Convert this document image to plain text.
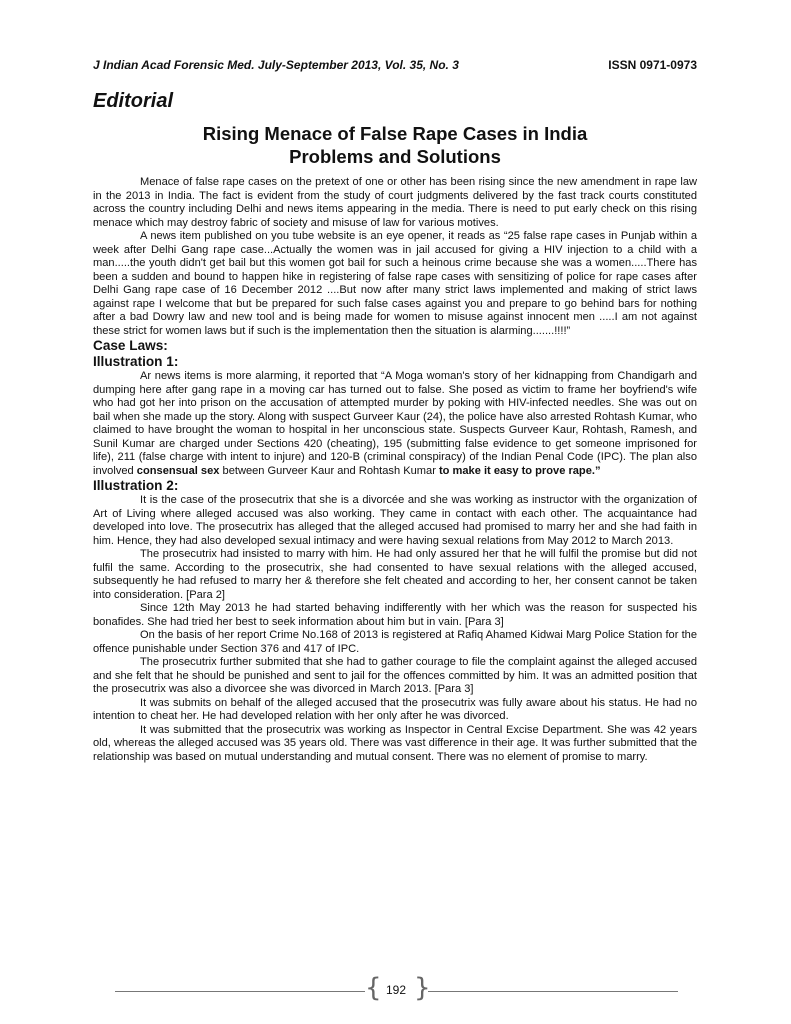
J Indian Acad Forensic Med. July-September 2013, Vol. 35, No. 3	ISSN 0971-0973
Editorial
Rising Menace of False Rape Cases in India
Problems and Solutions

Menace of false rape cases on the pretext of one or other has been rising since the new amendment in rape law in the 2013 in India. The fact is evident from the study of court judgments delivered by the fast track courts constituted across the country including Delhi and news items appearing in the media. There is need to put early check on this rising menace which may destroy fabric of society and misuse of law for various motives.

A news item published on you tube website is an eye opener, it reads as “25 false rape cases in Punjab within a week after Delhi Gang rape case...Actually the women was in jail accused for giving a HIV injection to a child with a man.....the youth didn't get bail but this women got bail for such a heinous crime because she was a women.....There has been a sudden and bound to happen hike in registering of false rape cases with sensitizing of police for rape cases after Delhi Gang rape case of 16 December 2012 ....But now after many strict laws implemented and making of strict laws against rape I welcome that but be prepared for such false cases against you and prepare to go behind bars for nothing after a bad Dowry law and new tool and is being made for women to misuse against innocent men .....I am not against these strict for women laws but if such is the implementation then the situation is alarming.......!!!!”

Case Laws:
Illustration 1:

Ar news items is more alarming, it reported that “A Moga woman's story of her kidnapping from Chandigarh and dumping here after gang rape in a moving car has turned out to false. She posed as victim to frame her boyfriend's wife who had got her into prison on the accusation of attempted murder by poking with HIV-infected needles. She was out on bail when she made up the story. Along with suspect Gurveer Kaur (24), the police have also arrested Rohtash Kumar, who claimed to have brought the woman to hospital in her unconscious state. Suspects Gurveer Kaur, Rohtash, Ramesh, and Sunil Kumar are charged under Sections 420 (cheating), 195 (submitting false evidence to get someone imprisoned for life), 211 (false charge with intent to injure) and 120-B (criminal conspiracy) of the Indian Penal Code (IPC). The plan also involved consensual sex between Gurveer Kaur and Rohtash Kumar to make it easy to prove rape.”

Illustration 2:

It is the case of the prosecutrix that she is a divorcée and she was working as instructor with the organization of Art of Living where alleged accused was also working. They came in contact with each other. The acquaintance had developed into love. The prosecutrix has alleged that the alleged accused had promised to marry her and she had faith in him. Hence, they had also developed sexual intimacy and were having sexual relations from May 2012 to March 2013.

The prosecutrix had insisted to marry with him. He had only assured her that he will fulfil the promise but did not fulfil the same. According to the prosecutrix, she had consented to have sexual relations with the alleged accused, subsequently he had refused to marry her & therefore she felt cheated and according to her, her consent cannot be taken into consideration. [Para 2]

Since 12th May 2013 he had started behaving indifferently with her which was the reason for suspected his bonafides. She had tried her best to seek information about him but in vain. [Para 3]

On the basis of her report Crime No.168 of 2013 is registered at Rafiq Ahamed Kidwai Marg Police Station for the offence punishable under Section 376 and 417 of IPC.

The prosecutrix further submited that she had to gather courage to file the complaint against the alleged accused and she felt that he should be punished and sent to jail for the offences committed by him. It was an admitted position that the prosecutrix was also a divorcee she was divorced in March 2013. [Para 3]

It was submits on behalf of the alleged accused that the prosecutrix was fully aware about his status. He had no intention to cheat her. He had developed relation with her only after he was divorced.

It was submitted that the prosecutrix was working as Inspector in Central Excise Department. She was 42 years old, whereas the alleged accused was 35 years old. There was vast difference in their age. It was further submitted that the relationship was based on mutual understanding and mutual consent. There was no element of promise to marry.

{ 192 }
